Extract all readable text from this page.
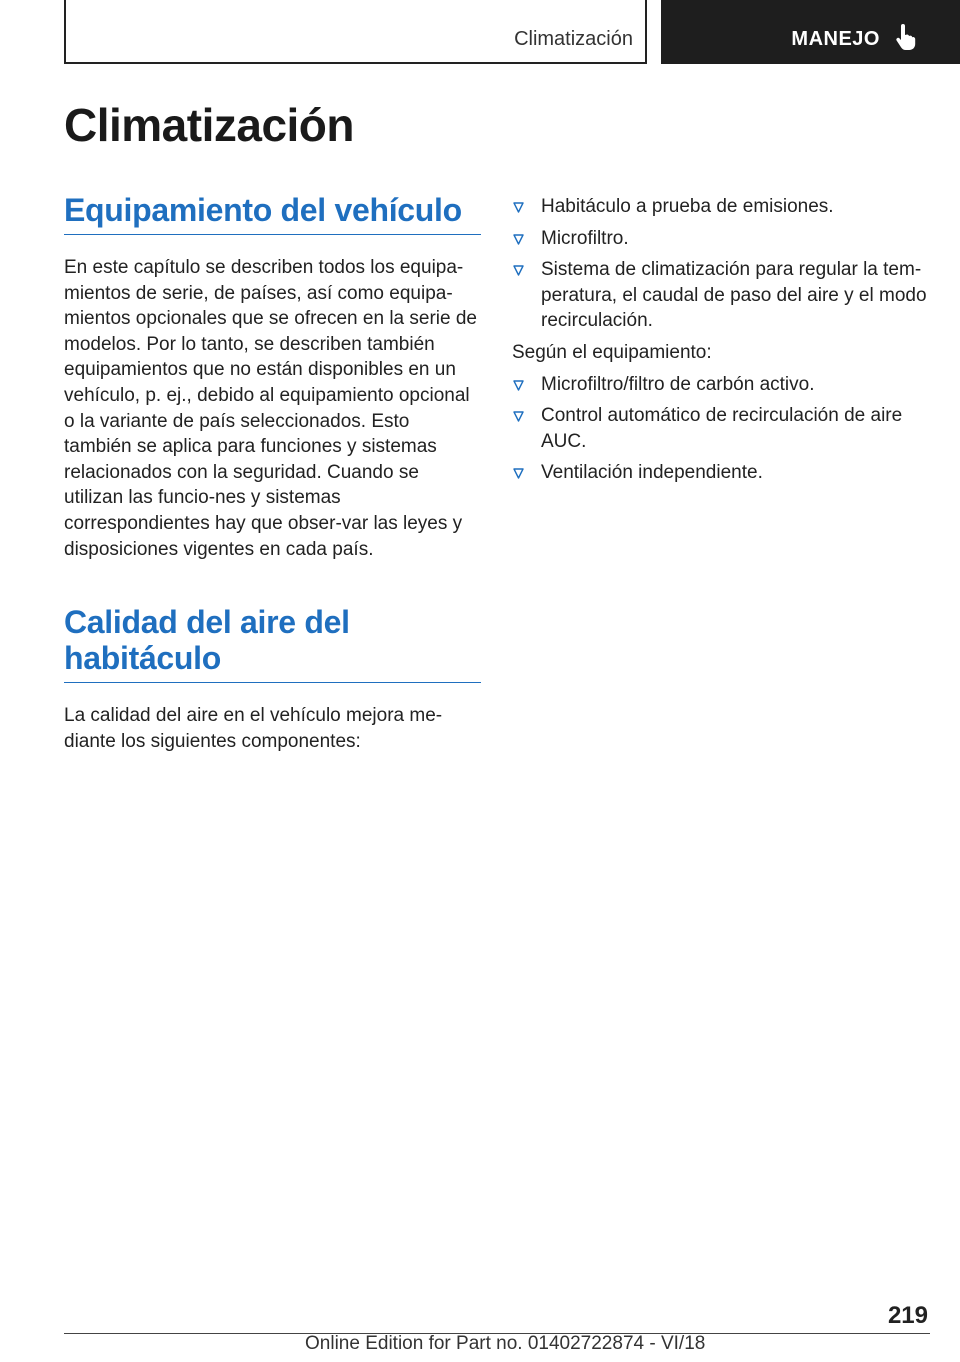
Climatización	MANEJO
Climatización
Equipamiento del vehículo

En este capítulo se describen todos los equipa-mientos de serie, de países, así como equipa-mientos opcionales que se ofrecen en la serie de modelos. Por lo tanto, se describen también equipamientos que no están disponibles en un vehículo, p. ej., debido al equipamiento opcional o la variante de país seleccionados. Esto también se aplica para funciones y sistemas relacionados con la seguridad. Cuando se utilizan las funcio-nes y sistemas correspondientes hay que obser-var las leyes y disposiciones vigentes en cada país.

Calidad del aire del habitáculo

La calidad del aire en el vehículo mejora me-diante los siguientes componentes:

Habitáculo a prueba de emisiones.
Microfiltro.
Sistema de climatización para regular la tem-peratura, el caudal de paso del aire y el modo recirculación.

Según el equipamiento:

Microfiltro/filtro de carbón activo.
Control automático de recirculación de aire AUC.
Ventilación independiente.
219
Online Edition for Part no. 01402722874 - VI/18
